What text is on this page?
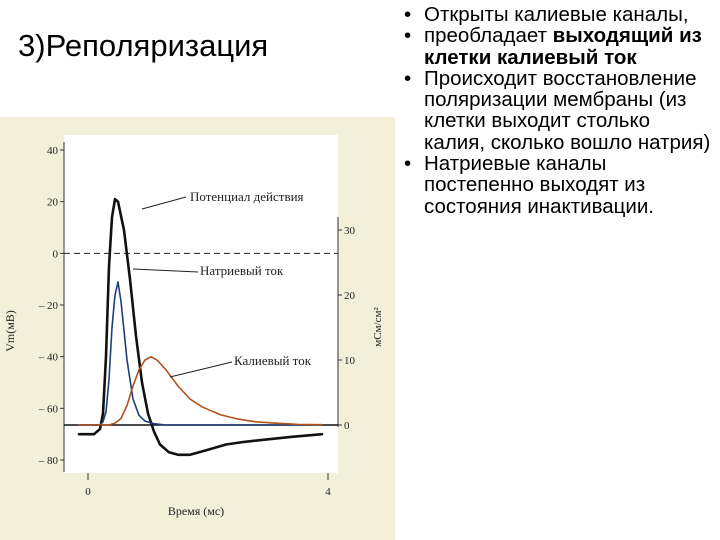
3)Реполяризация
40
20
0
– 20
– 40
– 60
– 80
30
20
10
0
0	4
Vm(мВ)	мСм/см²
Время (мс)
Потенциал действия
Натриевый ток
Калиевый ток
• Открыты калиевые каналы,
• преобладает выходящий из клетки калиевый ток
• Происходит восстановление поляризации мембраны (из клетки выходит столько калия, сколько вошло натрия)
• Натриевые каналы постепенно выходят из состояния инактивации.
